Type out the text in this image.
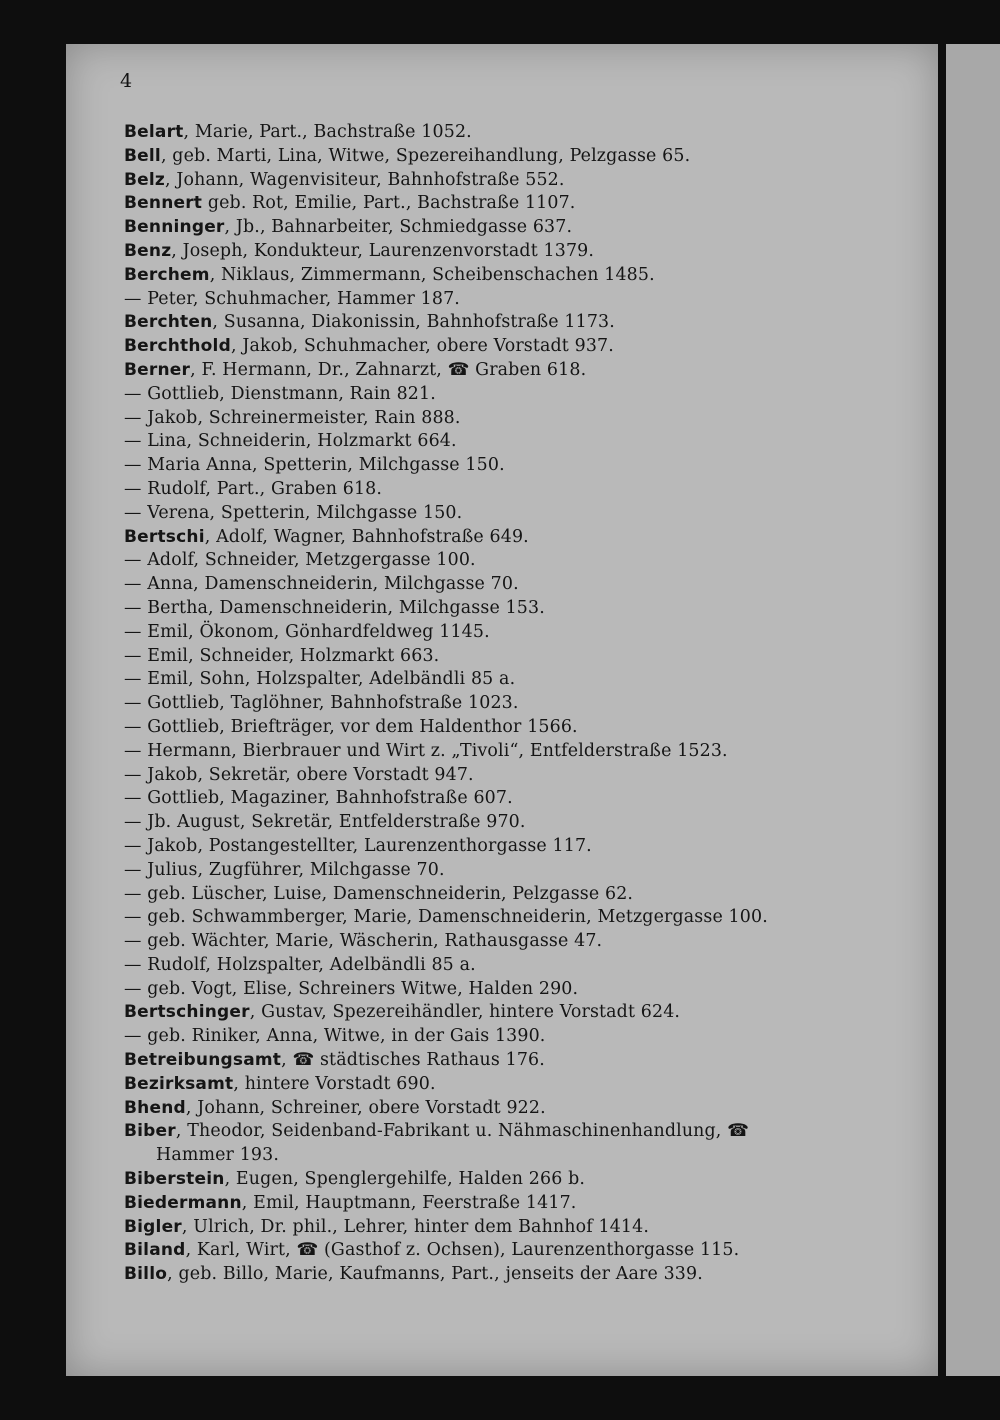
4
Belart, Marie, Part., Bachstraße 1052.
Bell, geb. Marti, Lina, Witwe, Spezereihandlung, Pelzgasse 65.
Belz, Johann, Wagenvisiteur, Bahnhofstraße 552.
Bennert geb. Rot, Emilie, Part., Bachstraße 1107.
Benninger, Jb., Bahnarbeiter, Schmiedgasse 637.
Benz, Joseph, Kondukteur, Laurenzenvorstadt 1379.
Berchem, Niklaus, Zimmermann, Scheibenschachen 1485.
— Peter, Schuhmacher, Hammer 187.
Berchten, Susanna, Diakonissin, Bahnhofstraße 1173.
Berchthold, Jakob, Schuhmacher, obere Vorstadt 937.
Berner, F. Hermann, Dr., Zahnarzt, ☎ Graben 618.
— Gottlieb, Dienstmann, Rain 821.
— Jakob, Schreinermeister, Rain 888.
— Lina, Schneiderin, Holzmarkt 664.
— Maria Anna, Spetterin, Milchgasse 150.
— Rudolf, Part., Graben 618.
— Verena, Spetterin, Milchgasse 150.
Bertschi, Adolf, Wagner, Bahnhofstraße 649.
— Adolf, Schneider, Metzgergasse 100.
— Anna, Damenschneiderin, Milchgasse 70.
— Bertha, Damenschneiderin, Milchgasse 153.
— Emil, Ökonom, Gönhardfeldweg 1145.
— Emil, Schneider, Holzmarkt 663.
— Emil, Sohn, Holzspalter, Adelbändli 85 a.
— Gottlieb, Taglöhner, Bahnhofstraße 1023.
— Gottlieb, Briefträger, vor dem Haldenthor 1566.
— Hermann, Bierbrauer und Wirt z. „Tivoli“, Entfelderstraße 1523.
— Jakob, Sekretär, obere Vorstadt 947.
— Gottlieb, Magaziner, Bahnhofstraße 607.
— Jb. August, Sekretär, Entfelderstraße 970.
— Jakob, Postangestellter, Laurenzenthorgasse 117.
— Julius, Zugführer, Milchgasse 70.
— geb. Lüscher, Luise, Damenschneiderin, Pelzgasse 62.
— geb. Schwammberger, Marie, Damenschneiderin, Metzgergasse 100.
— geb. Wächter, Marie, Wäscherin, Rathausgasse 47.
— Rudolf, Holzspalter, Adelbändli 85 a.
— geb. Vogt, Elise, Schreiners Witwe, Halden 290.
Bertschinger, Gustav, Spezereihändler, hintere Vorstadt 624.
— geb. Riniker, Anna, Witwe, in der Gais 1390.
Betreibungsamt, ☎ städtisches Rathaus 176.
Bezirksamt, hintere Vorstadt 690.
Bhend, Johann, Schreiner, obere Vorstadt 922.
Biber, Theodor, Seidenband-Fabrikant u. Nähmaschinenhandlung, ☎
Hammer 193.
Biberstein, Eugen, Spenglergehilfe, Halden 266 b.
Biedermann, Emil, Hauptmann, Feerstraße 1417.
Bigler, Ulrich, Dr. phil., Lehrer, hinter dem Bahnhof 1414.
Biland, Karl, Wirt, ☎ (Gasthof z. Ochsen), Laurenzenthorgasse 115.
Billo, geb. Billo, Marie, Kaufmanns, Part., jenseits der Aare 339.
